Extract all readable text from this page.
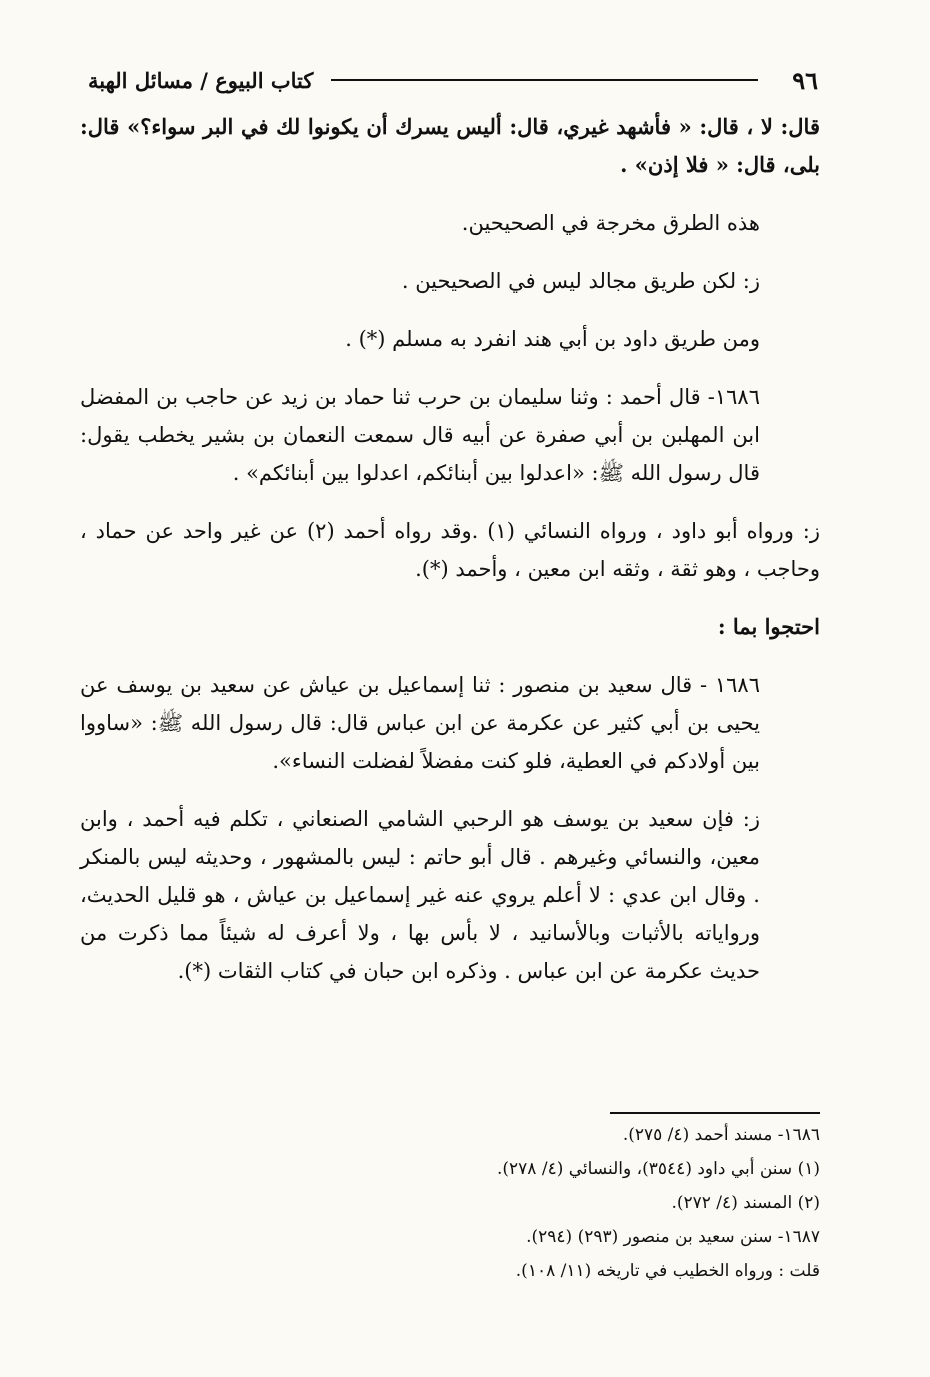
٩٦
كتاب البيوع / مسائل الهبة

قال: لا ، قال: « فأشهد غيري، قال: أليس يسرك أن يكونوا لك في البر سواء؟» قال: بلى، قال: « فلا إذن» .

هذه الطرق مخرجة في الصحيحين.

ز: لكن طريق مجالد ليس في الصحيحين .

ومن طريق داود بن أبي هند انفرد به مسلم (*) .

١٦٨٦- قال أحمد : وثنا سليمان بن حرب ثنا حماد بن زيد عن حاجب بن المفضل ابن المهلبن بن أبي صفرة عن أبيه قال سمعت النعمان بن بشير يخطب يقول: قال رسول الله ﷺ: «اعدلوا بين أبنائكم، اعدلوا بين أبنائكم» .

ز: ورواه أبو داود ، ورواه النسائي (١) .وقد رواه أحمد (٢) عن غير واحد عن حماد ، وحاجب ، وهو ثقة ، وثقه ابن معين ، وأحمد (*).

احتجوا بما :

١٦٨٦ - قال سعيد بن منصور : ثنا إسماعيل بن عياش عن سعيد بن يوسف عن يحيى بن أبي كثير عن عكرمة عن ابن عباس قال: قال رسول الله ﷺ: «ساووا بين أولادكم في العطية، فلو كنت مفضلاً لفضلت النساء».

ز: فإن سعيد بن يوسف هو الرحبي الشامي الصنعاني ، تكلم فيه أحمد ، وابن معين، والنسائي وغيرهم . قال أبو حاتم : ليس بالمشهور ، وحديثه ليس بالمنكر . وقال ابن عدي : لا أعلم يروي عنه غير إسماعيل بن عياش ، هو قليل الحديث، ورواياته بالأثبات وبالأسانيد ، لا بأس بها ، ولا أعرف له شيئاً مما ذكرت من حديث عكرمة عن ابن عباس . وذكره ابن حبان في كتاب الثقات (*).

١٦٨٦- مسند أحمد (٤/ ٢٧٥).

(١) سنن أبي داود (٣٥٤٤)، والنسائي (٤/ ٢٧٨).

(٢) المسند (٤/ ٢٧٢).

١٦٨٧- سنن سعيد بن منصور (٢٩٣) (٢٩٤).

قلت : ورواه الخطيب في تاريخه (١١/ ١٠٨).
